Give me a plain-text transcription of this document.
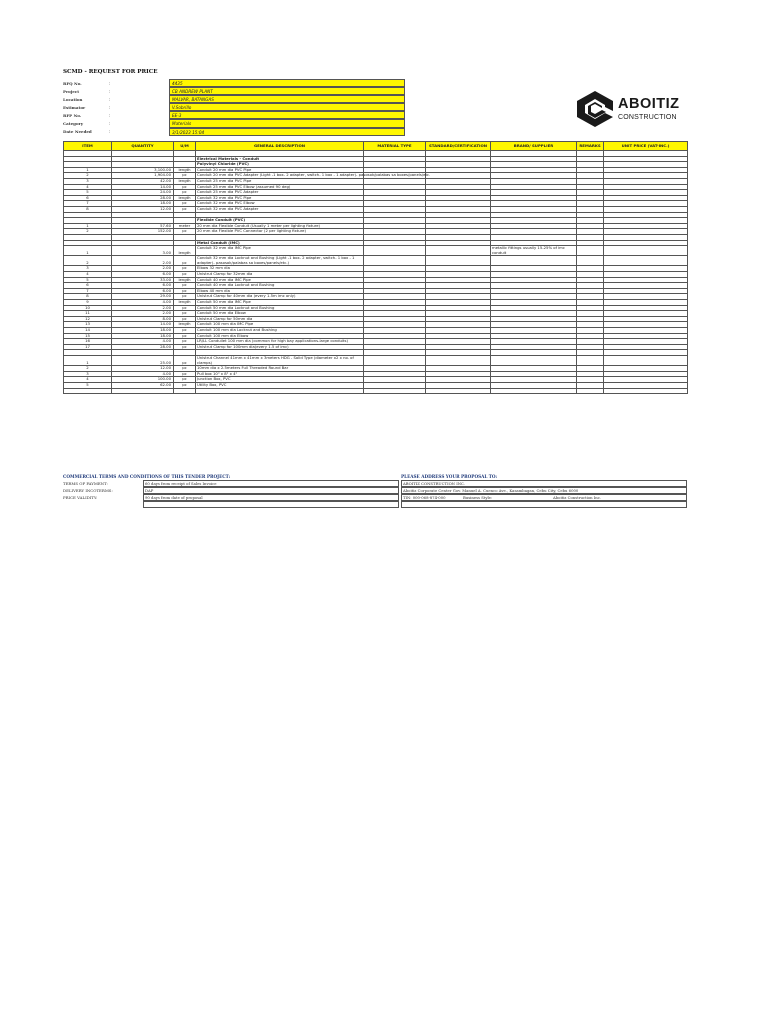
SCMD - REQUEST FOR PRICE
RFQ No.	:	4435
Project	:	CB ANDREW PLANT
Location	:	MALVAR, BATANGAS
Estimator	:	V.Sobrillo
RFP No.	:	EE-3
Category	:	Materials
Date Needed	:	3/1/2023 15:04
ABOITIZ
CONSTRUCTION
ITEM	QUANTITY	U/M	GENERAL DESCRIPTION	MATERIAL TYPE	STANDARD/CERTIFICATION	BRAND/ SUPPLIER	REMARKS	UNIT PRICE (VAT-INC.)

			Electrical Materials - Conduit					
			Polyvinyl Chloride (PVC)					
1	3,100.00	length	Conduit 20 mm dia PVC Pipe					
2	1,904.00	pc	Conduit 20 mm dia PVC Adapter (Light -1 box- 2 adapter, switch- 1 box - 1 adapter)- pasosok/palabas sa boxes/panels/etc.					
3	42.00	length	Conduit 25 mm dia PVC Pipe					
4	14.00	pc	Conduit 25 mm dia PVC Elbow (assumed 90 deg)					
5	24.00	pc	Conduit 25 mm dia PVC Adapter					
6	28.00	length	Conduit 32 mm dia PVC Pipe					
7	18.00	pc	Conduit 32 mm dia PVC Elbow					
8	12.00	pc	Conduit 32 mm dia PVC Adapter					

			Flexible Conduit (PVC)					
1	57.60	meter	20 mm dia Flexible Conduit (Usually 1 meter per lighting fixture)					
2	152.00	pc	20 mm dia Flexible PVC Connector (2 per lighting fixture)					

			Metal Conduit (IMC)					
1	3.00	length	Conduit 32 mm dia IMC Pipe			metallic fittings usually 15-25% of imc conduit		
2	2.00	pc	Conduit 32 mm dia Locknut and Bushing (Light -1 box- 2 adapter, switch- 1 box - 1 adapter)- pasosok/palabas sa boxes/panels/etc.)					
3	2.00	pc	Elbow 32 mm dia					
4	6.00	pc	Unistrut Clamp for 32mm dia					
5	33.00	length	Conduit 40 mm dia IMC Pipe					
6	6.00	pc	Conduit 40 mm dia Locknut and Bushing					
7	6.00	pc	Elbow 40 mm dia					
8	29.00	pc	Unistrut Clamp for 40mm dia (every 1.5m imc only)					
9	4.00	length	Conduit 50 mm dia IMC Pipe					
10	2.00	pc	Conduit 50 mm dia Locknut and Bushing					
11	2.00	pc	Conduit 50 mm dia Elbow					
12	8.00	pc	Unistrut Clamp for 50mm dia					
13	14.00	length	Conduit 100 mm dia IMC Pipe					
14	18.00	pc	Conduit 100 mm dia Locknut and Bushing					
15	18.00	pc	Conduit 100 mm dia Elbow					
16	4.00	pc	LR/LL Conduilet 100 mm dia (common for high bay applications-large conduits)					
17	28.00	pc	Unistrut Clamp for 100mm dia(every 1.5 of imc)					

1	25.00	pc	Unistrut Channel 41mm x 41mm x 3meters HDG - Solid Type (diameter x2 x no. of clamps)					
2	12.00	pc	10mm dia x 2.5meters Full Threaded Round Bar					
3	4.00	pc	Pull box 10" x 8" x 4"					
4	100.00	pc	Junction Box, PVC					
5	62.00	pc	Utility Box, PVC					

COMMERCIAL TERMS AND CONDITIONS OF THIS TENDER PROJECT:	PLEASE ADDRESS YOUR PROPOSAL TO:
TERMS OF PAYMENT:	60 days from receipt of Sales Invoice
DELIVERY INCOTERMS:	DAP
PRICE VALIDITY:	90 days from date of proposal
ABOITIZ CONSTRUCTION INC.
Aboitiz Corporate Center Gov. Manuel A. Cuenco Ave., Kasambagan, Cebu City, Cebu 6000
TIN: 000-068-874-000	Business Style:	Aboitiz Construction Inc.
